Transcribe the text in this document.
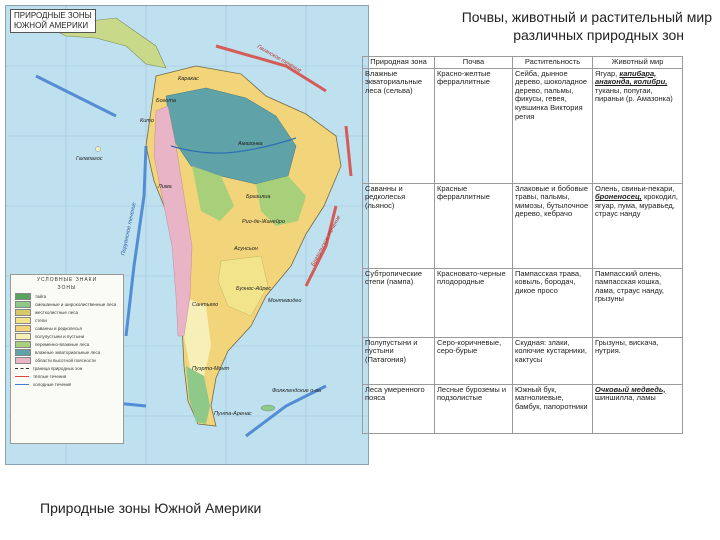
ПРИРОДНЫЕ ЗОНЫ
ЮЖНОЙ АМЕРИКИ
Каракас
Богота
Кито
Лима
Бразилиа
Рио-де-Жанейро
Асунсьон
Сантьяго
Буэнос-Айрес
Монтевидео
Пуэрто-Монт
Пунта-Аренас
Галапагос
Амазонка
Гвианское течение
Бразильское течение
Перуанское течение
Фолклендские о-ва
УСЛОВНЫЕ ЗНАКИ
ЗОНЫ
тайга
смешанные и широколиственные леса
жестколистные леса
степи
саванны и редколесья
полупустыни и пустыни
переменно-влажные леса
влажные экваториальные леса
области высотной поясности
граница природных зон
тёплые течения
холодные течения
Почвы, животный и растительный мир
различных природных зон
Природная зона	Почва	Растительность	Животный мир
Влажные экваториальные леса (сельва)	Красно-желтые ферраллитные	Сейба, дынное дерево, шоколадное дерево, пальмы, фикусы, гевея, кувшинка Виктория регия	Ягуар, капибара, анаконда, колибри, туканы, попугаи, пираньи (р. Амазонка)
Саванны и редколесья (льянос)	Красные ферраллитные	Злаковые и бобовые травы, пальмы, мимозы, бутылочное дерево, кебрачо	Олень, свиньи-пекари, броненосец, крокодил, ягуар, пума, муравьед, страус нанду
Субтропические степи (пампа)	Красновато-черные плодородные	Пампасская трава, ковыль, бородач, дикое просо	Пампасский олень, пампасская кошка, лама, страус нанду, грызуны
Полупустыни и пустыни (Патагония)	Серо-коричневые, серо-бурые	Скудная: злаки, колючие кустарники, кактусы	Грызуны, вискача, нутрия.
Леса умеренного пояса	Лесные буроземы и подзолистые	Южный бук, магнолиевые, бамбук, папоротники	Очковый медведь, шиншилла, ламы
Природные зоны Южной Америки
